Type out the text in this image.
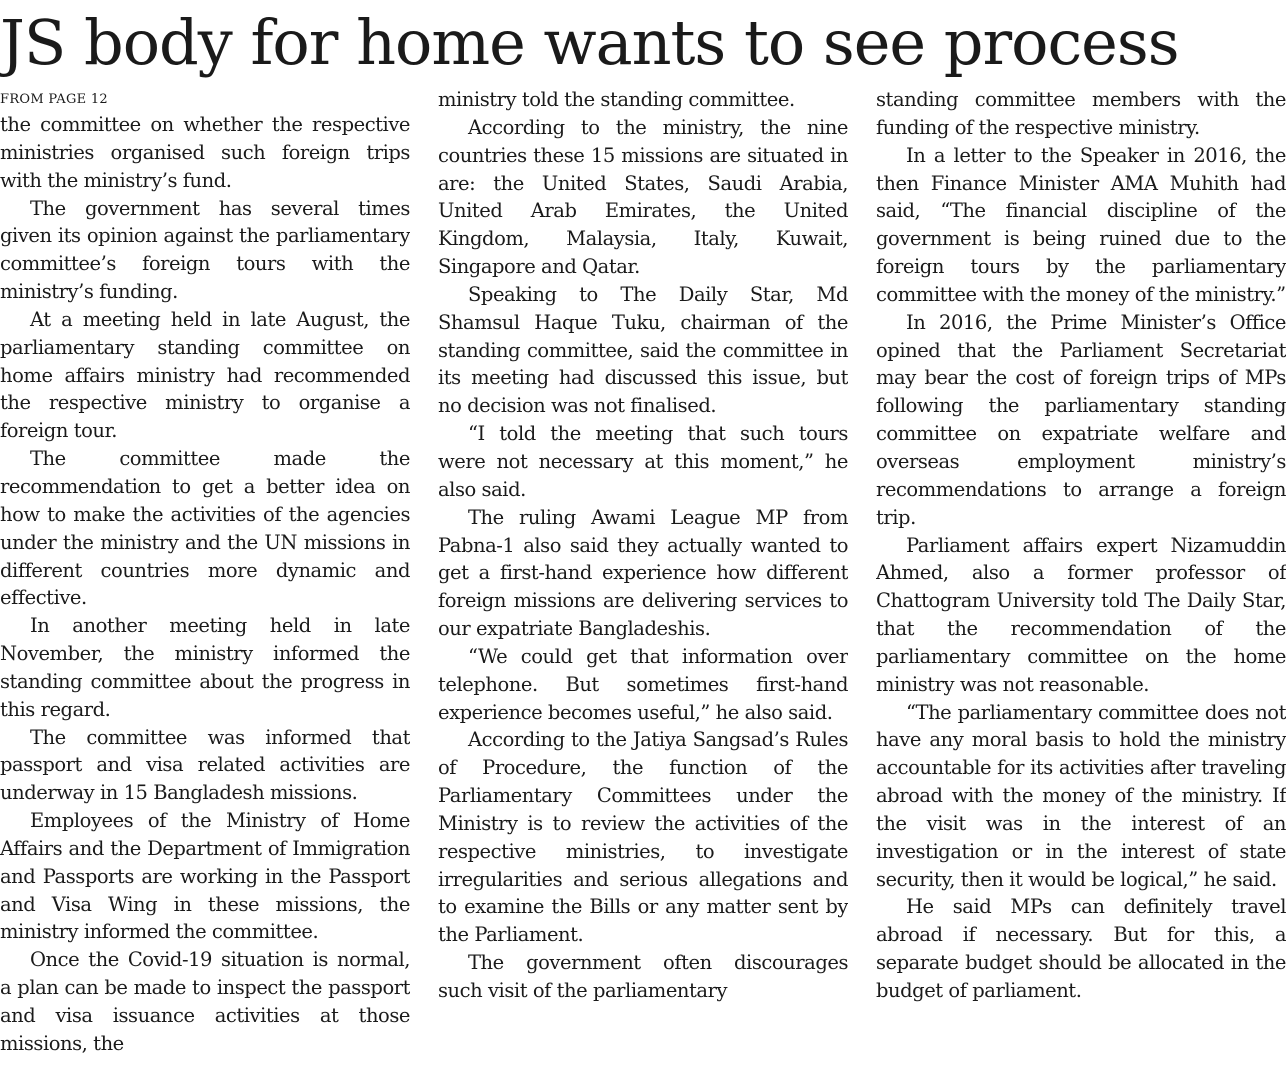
JS body for home wants to see process
FROM PAGE 12

the committee on whether the respective ministries organised such foreign trips with the ministry’s fund.

The government has several times given its opinion against the parliamentary committee’s foreign tours with the ministry’s funding.

At a meeting held in late August, the parliamentary standing committee on home affairs ministry had recommended the respective ministry to organise a foreign tour.

The committee made the recommendation to get a better idea on how to make the activities of the agencies under the ministry and the UN missions in different countries more dynamic and effective.

In another meeting held in late November, the ministry informed the standing committee about the progress in this regard.

The committee was informed that passport and visa related activities are underway in 15 Bangladesh missions.

Employees of the Ministry of Home Affairs and the Department of Immigration and Passports are working in the Passport and Visa Wing in these missions, the ministry informed the committee.

Once the Covid-19 situation is normal, a plan can be made to inspect the passport and visa issuance activities at those missions, the

ministry told the standing committee.

According to the ministry, the nine countries these 15 missions are situated in are: the United States, Saudi Arabia, United Arab Emirates, the United Kingdom, Malaysia, Italy, Kuwait, Singapore and Qatar.

Speaking to The Daily Star, Md Shamsul Haque Tuku, chairman of the standing committee, said the committee in its meeting had discussed this issue, but no decision was not finalised.

“I told the meeting that such tours were not necessary at this moment,” he also said.

The ruling Awami League MP from Pabna-1 also said they actually wanted to get a first-hand experience how different foreign missions are delivering services to our expatriate Bangladeshis.

“We could get that information over telephone. But sometimes first-hand experience becomes useful,” he also said.

According to the Jatiya Sangsad’s Rules of Procedure, the function of the Parliamentary Committees under the Ministry is to review the activities of the respective ministries, to investigate irregularities and serious allegations and to examine the Bills or any matter sent by the Parliament.

The government often discourages such visit of the parliamentary

standing committee members with the funding of the respective ministry.

In a letter to the Speaker in 2016, the then Finance Minister AMA Muhith had said, “The financial discipline of the government is being ruined due to the foreign tours by the parliamentary committee with the money of the ministry.”

In 2016, the Prime Minister’s Office opined that the Parliament Secretariat may bear the cost of foreign trips of MPs following the parliamentary standing committee on expatriate welfare and overseas employment ministry’s recommendations to arrange a foreign trip.

Parliament affairs expert Nizamuddin Ahmed, also a former professor of Chattogram University told The Daily Star, that the recommendation of the parliamentary committee on the home ministry was not reasonable.

“The parliamentary committee does not have any moral basis to hold the ministry accountable for its activities after traveling abroad with the money of the ministry. If the visit was in the interest of an investigation or in the interest of state security, then it would be logical,” he said.

He said MPs can definitely travel abroad if necessary. But for this, a separate budget should be allocated in the budget of parliament.
